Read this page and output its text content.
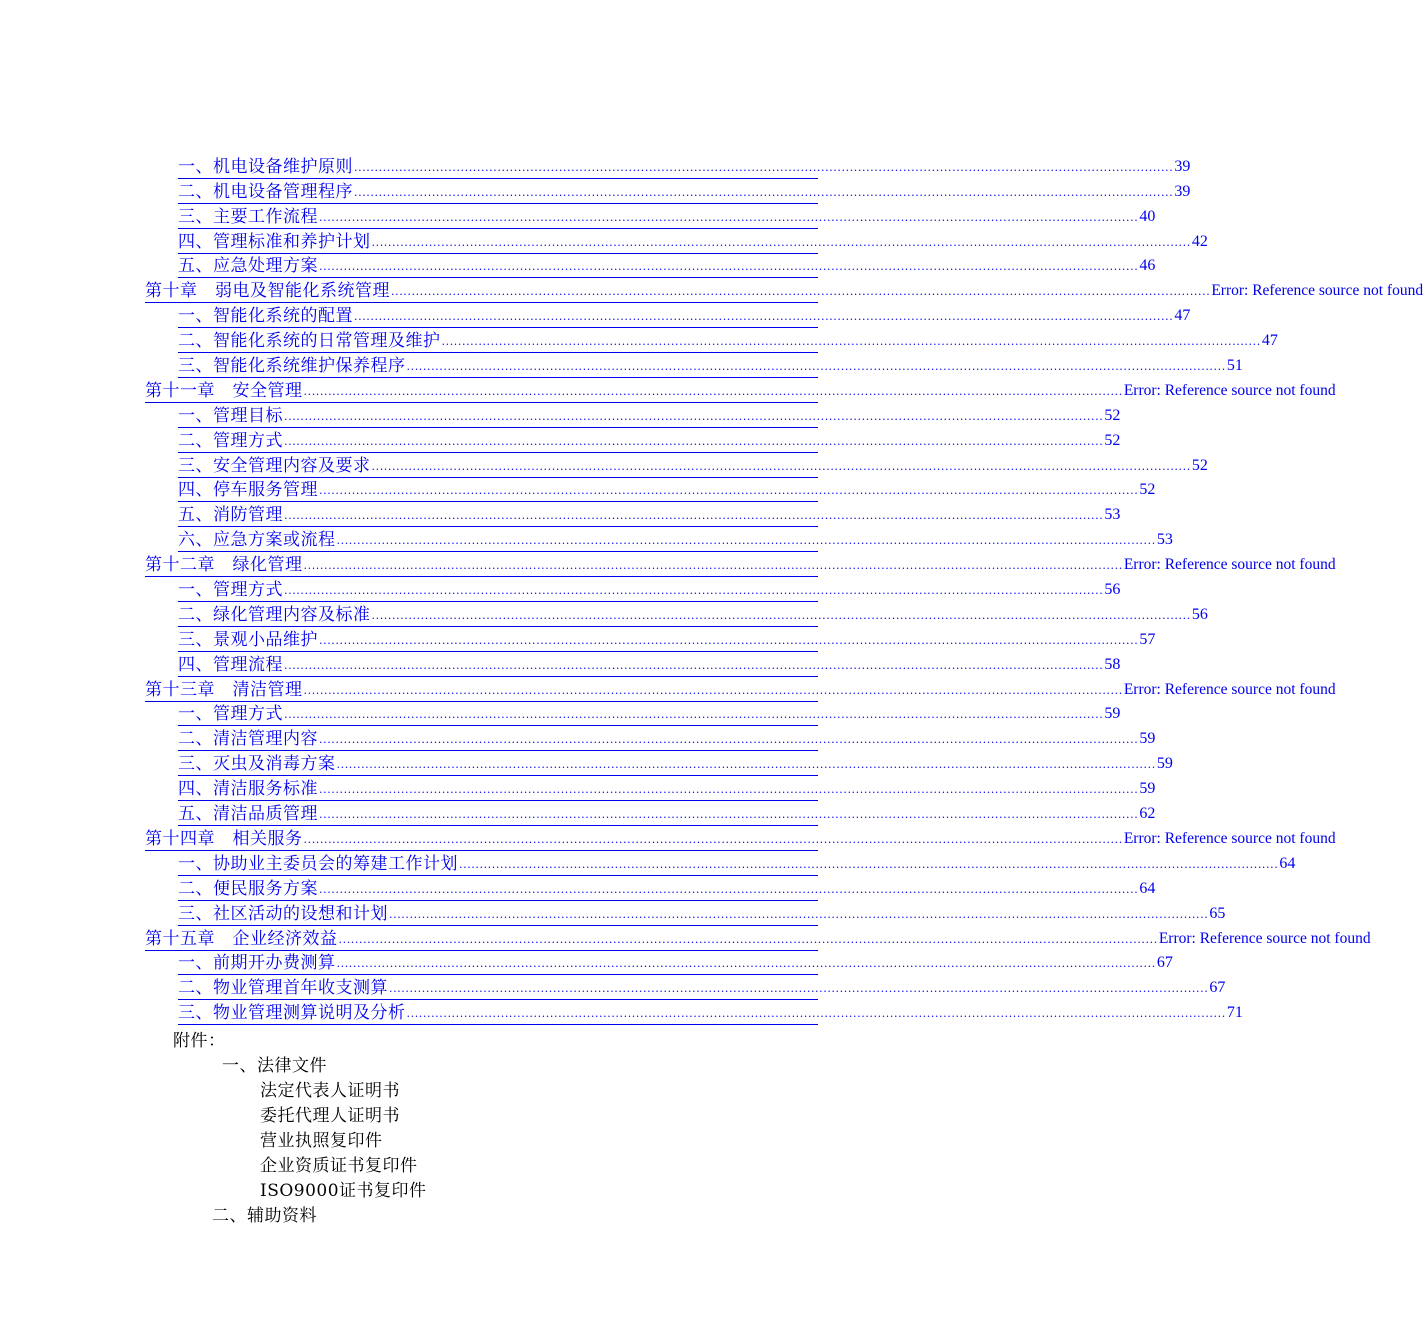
一、机电设备维护原则 ........................................................................................................................................................................................................ 39
二、机电设备管理程序 ........................................................................................................................................................................................................ 39
三、主要工作流程 ........................................................................................................................................................................................................ 40
四、管理标准和养护计划 ........................................................................................................................................................................................................ 42
五、应急处理方案 ........................................................................................................................................................................................................ 46
第十章　弱电及智能化系统管理 ........................................................................................................................................................................................................ Error: Reference source not found
一、智能化系统的配置 ........................................................................................................................................................................................................ 47
二、智能化系统的日常管理及维护 ........................................................................................................................................................................................................ 47
三、智能化系统维护保养程序 ........................................................................................................................................................................................................ 51
第十一章　安全管理 ........................................................................................................................................................................................................ Error: Reference source not found
一、管理目标 ........................................................................................................................................................................................................ 52
二、管理方式 ........................................................................................................................................................................................................ 52
三、安全管理内容及要求 ........................................................................................................................................................................................................ 52
四、停车服务管理 ........................................................................................................................................................................................................ 52
五、消防管理 ........................................................................................................................................................................................................ 53
六、应急方案或流程 ........................................................................................................................................................................................................ 53
第十二章　绿化管理 ........................................................................................................................................................................................................ Error: Reference source not found
一、管理方式 ........................................................................................................................................................................................................ 56
二、绿化管理内容及标准 ........................................................................................................................................................................................................ 56
三、景观小品维护 ........................................................................................................................................................................................................ 57
四、管理流程 ........................................................................................................................................................................................................ 58
第十三章　清洁管理 ........................................................................................................................................................................................................ Error: Reference source not found
一、管理方式 ........................................................................................................................................................................................................ 59
二、清洁管理内容 ........................................................................................................................................................................................................ 59
三、灭虫及消毒方案 ........................................................................................................................................................................................................ 59
四、清洁服务标准 ........................................................................................................................................................................................................ 59
五、清洁品质管理 ........................................................................................................................................................................................................ 62
第十四章　相关服务 ........................................................................................................................................................................................................ Error: Reference source not found
一、协助业主委员会的筹建工作计划 ........................................................................................................................................................................................................ 64
二、便民服务方案 ........................................................................................................................................................................................................ 64
三、社区活动的设想和计划 ........................................................................................................................................................................................................ 65
第十五章　企业经济效益 ........................................................................................................................................................................................................ Error: Reference source not found
一、前期开办费测算 ........................................................................................................................................................................................................ 67
二、物业管理首年收支测算 ........................................................................................................................................................................................................ 67
三、物业管理测算说明及分析 ........................................................................................................................................................................................................ 71
附件：
一、法律文件
法定代表人证明书
委托代理人证明书
营业执照复印件
企业资质证书复印件
ISO9000证书复印件
二、辅助资料
